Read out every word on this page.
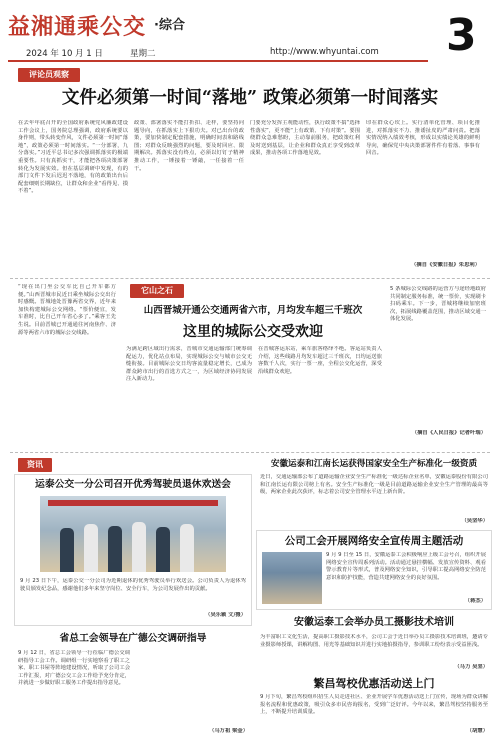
益湘通乘公交 ·综合
2024 年 10 月 1 日	星期二	http://www.whyuntai.com 3
评论员观察
文件必须第一时间“落地” 政策必须第一时间落实
在去年年底召开的全国政府系统党风廉政建设工作会议上，国务院总理强调，政府系统要以身作则，带头转变作风，文件必须第一时间“落地”，政策必须第一时间落实。“一分部署，九分落实。”习近平总书记多次强调抓落实的极端重要性。只有真抓实干，才能把各项决策部署转化为发展实效。但在基层调研中发现，有的部门文件下发后迟迟不落地，有的政策出台后配套细则长期缺位，让群众和企业“看得见、摸不着”。
政策、部署落实不能打折扣、走样，要坚持问题导向，在抓落实上下狠功夫。对已出台的政策，要加快制定配套措施，明确时间表和路线图；对群众反映强烈的问题，要及时回应、限期解决。抓落实没有终点，必须以钉钉子精神推动工作，一锤接着一锤敲，一任接着一任干。
门要充分发挥主观能动性，执行政策不搞“选择性落实”，更不能“上有政策、下有对策”。要围绕群众急难愁盼，主动靠前服务，把政策红利及时送到基层，让企业和群众真正享受到改革成果，推动各项工作落地见效。
印在群众心坎上。实行清单化管理、项目化推进，对抓落实不力、推诿扯皮的严肃问责。把落实情况纳入绩效考核，形成以实绩论英雄的鲜明导向，确保党中央决策部署件件有着落、事事有回音。
（摘自《安徽日报》朱思利）
“现在出门坐公交车比自己开车都方便。”山西晋城市民近日乘坐城际公交出行时感慨。晋城地处晋豫两省交界，近年来加快构建城际公交网络。“票价便宜，发车准时，比自己开车省心多了。”乘客王先生说。目前晋城已开通通往河南焦作、济源等两省六市的城际公交线路。
它山之石
山西晋城开通公交通两省六市，月均发车超三千班次
这里的城际公交受欢迎
为满足跨区域出行需求，晋城市交通运输部门统筹调配运力，优化站点布局，实现城际公交与城市公交无缝衔接。目前城际公交日均客流量稳定增长，已成为群众跨市出行的首选方式之一，为区域经济协同发展注入新动力。
在晋城客运东站，乘车旅客络绎不绝。客运站负责人介绍，这些线路月均发车超过三千班次，日均运送旅客数千人次，实行一票一座，全程公交化运营，深受沿线群众欢迎。
5 条城际公交线路的运营方与途经地政府共同制定服务标准，统一票价，实现刷卡扫码乘车。下一步，晋城将继续加密班次，拓展线路覆盖范围，推动区域交通一体化发展。
（摘自《人民日报》记者叶瑞）
资讯
运泰公交一分公司召开优秀驾驶员退休欢送会
9 月 23 日下午，运泰公交一分公司为近期退休的优秀驾驶员举行欢送会。公司负责人为退休驾驶员颁发纪念品，感谢他们多年来坚守岗位、安全行车，为公司发展作出的贡献。
（吴乐颖 文/摄）
省总工会领导在广德公交调研指导
9 月 12 日，省总工会领导一行莅临广德公交调研指导工会工作。调研组一行实地察看了职工之家、职工书屋等阵地建设情况，听取了公司工会工作汇报，对广德公交工会工作给予充分肯定，并就进一步做好职工服务工作提出指导意见。
（马万祖 梁金）
安徽运泰和江南长运获得国家安全生产标准化一级资质
近日，交通运输部公布了道路运输企业安全生产标准化一级达标企业名单，安徽运泰股份有限公司和江南长运有限公司榜上有名。安全生产标准化一级是目前道路运输企业安全生产管理的最高等级，两家企业此次获评，标志着公司安全管理水平迈上新台阶。
（吴坚华）
公司工会开展网络安全宣传周主题活动
9 月 9 日至 15 日，安徽运泰工会积极响应上级工会号召，组织开展网络安全宣传周系列活动。活动通过悬挂横幅、发放宣传资料、观看警示教育片等形式，普及网络安全知识，引导职工提高网络安全防范意识和防护技能，营造共建网络安全的良好氛围。
（蒋杰）
安徽运泰工会举办员工摄影技术培训
为丰富职工文化生活，提高职工摄影技术水平，公司工会于近日举办员工摄影技术培训班，邀请专业摄影师授课，讲解构图、用光等基础知识并进行实地拍摄指导，参训职工纷纷表示受益匪浅。
（马力 吴坚）
繁昌驾校优惠活动送上门
9 月下旬，繁昌驾校组织招生人员走进社区、企业开展学车优惠活动送上门宣传，现场为群众讲解报名流程和优惠政策，吸引众多市民咨询报名，受到广泛好评。今年以来，繁昌驾校坚持服务至上，不断提升培训质量。
（胡慧）
